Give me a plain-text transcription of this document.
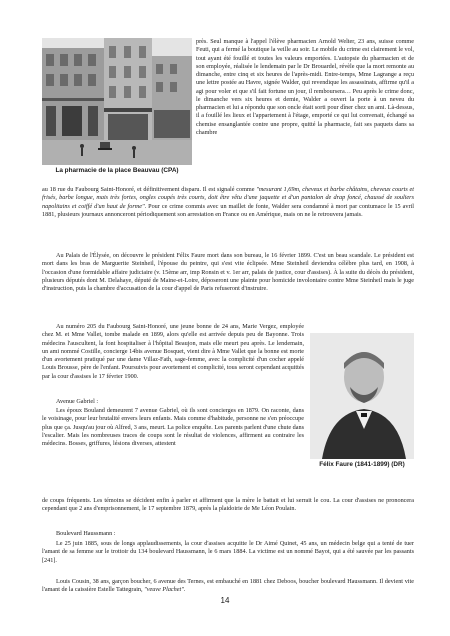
La pharmacie de la place Beauvau (CPA)

près. Seul manque à l'appel l'élève pharmacien Arnold Welter, 23 ans, suisse comme Feuti, qui a fermé la boutique la veille au soir. Le mobile du crime est clairement le vol, tout ayant été fouillé et toutes les valeurs emportées. L'autopsie du pharmacien et de son employée, réalisée le lendemain par le Dr Brouardel, révèle que la mort remonte au dimanche, entre cinq et six heures de l'après-midi. Entre-temps, Mme Lagrange a reçu une lettre postée au Havre, signée Walder, qui revendique les assassinats, affirme qu'il a agi pour voler et que s'il fait fortune un jour, il remboursera… Peu après le crime donc, le dimanche vers six heures et demie, Walder a ouvert la porte à un neveu du pharmacien et lui a répondu que son oncle était sorti pour dîner chez un ami. Là-dessus, il a fouillé les lieux et l'appartement à l'étage, emporté ce qui lui convenait, échangé sa chemise ensanglantée contre une propre, quitté la pharmacie, fait ses paquets dans sa chambre

au 18 rue du Faubourg Saint-Honoré, et définitivement disparu. Il est signalé comme "mesurant 1,69m, cheveux et barbe châtains, cheveux courts et frisés, barbe longue, mais très fortes, ongles coupés très courts, doit être vêtu d'une jaquette et d'un pantalon de drap foncé, chaussé de souliers napolitains et coiffé d'un haut de forme". Pour ce crime commis avec un maillet de fonte, Walder sera condamné à mort par contumace le 15 avril 1881, plusieurs journaux annonceront périodiquement son arrestation en France ou en Amérique, mais on ne le retrouvera jamais.

Au Palais de l'Élysée, on découvre le président Félix Faure mort dans son bureau, le 16 février 1899. C'est un beau scandale. Le président est mort dans les bras de Marguerite Steinheil, l'épouse du peintre, qui s'est vite éclipsée. Mme Steinheil deviendra célèbre plus tard, en 1908, à l'occasion d'une formidable affaire judiciaire (v. 15ème arr, imp Ronsin et v. 1er arr, palais de justice, cour d'assises). À la suite du décès du président, plusieurs députés dont M. Delahaye, député de Maine-et-Loire, déposeront une plainte pour homicide involontaire contre Mme Steinheil mais le juge d'instruction, puis la chambre d'accusation de la cour d'appel de Paris refuseront d'instruire.

Au numéro 205 du Faubourg Saint-Honoré, une jeune bonne de 24 ans, Marie Vergez, employée chez M. et Mme Vallet, tombe malade en 1899, alors qu'elle est arrivée depuis peu de Bayonne. Trois médecins l'auscultent, la font hospitaliser à l'hôpital Beaujon, mais elle meurt peu après. Le lendemain, un ami nommé Costille, concierge 14bis avenue Bosquet, vient dire à Mme Vallet que la bonne est morte d'un avortement pratiqué par une dame Villaz-Fath, sage-femme, avec la complicité d'un cocher appelé Louis Brousse, père de l'enfant. Poursuivis pour avortement et complicité, tous seront cependant acquittés par la cour d'assises le 17 février 1900.

Félix Faure (1841-1899) (DR)

Avenue Gabriel :

Les époux Bouland demeurent 7 avenue Gabriel, où ils sont concierges en 1879. On raconte, dans le voisinage, pour leur brutalité envers leurs enfants. Mais comme d'habitude, personne ne s'en préoccupe plus que ça. Jusqu'au jour où Alfred, 3 ans, meurt. La police enquête. Les parents parlent d'une chute dans l'escalier. Mais les nombreuses traces de coups sont le résultat de violences, affirment au contraire les médecins. Bosses, griffures, lésions diverses, attestent

de coups fréquents. Les témoins se décident enfin à parler et affirment que la mère le battait et lui serrait le cou. La cour d'assises ne prononcera cependant que 2 ans d'emprisonnement, le 17 septembre 1879, après la plaidoirie de Me Léon Poulain.

Boulevard Haussmann :

Le 25 juin 1885, sous de longs applaudissements, la cour d'assises acquitte le Dr Aimé Quinet, 45 ans, un médecin belge qui a tenté de tuer l'amant de sa femme sur le trottoir du 134 boulevard Haussmann, le 6 mars 1884. La victime est un nommé Bayot, qui a été sauvée par les passants [241].

Louis Cousin, 38 ans, garçon boucher, 6 avenue des Ternes, est embauché en 1881 chez Deboos, boucher boulevard Haussmann. Il devient vite l'amant de la caissière Estelle Tattegrain, "veuve Plachet".

14
